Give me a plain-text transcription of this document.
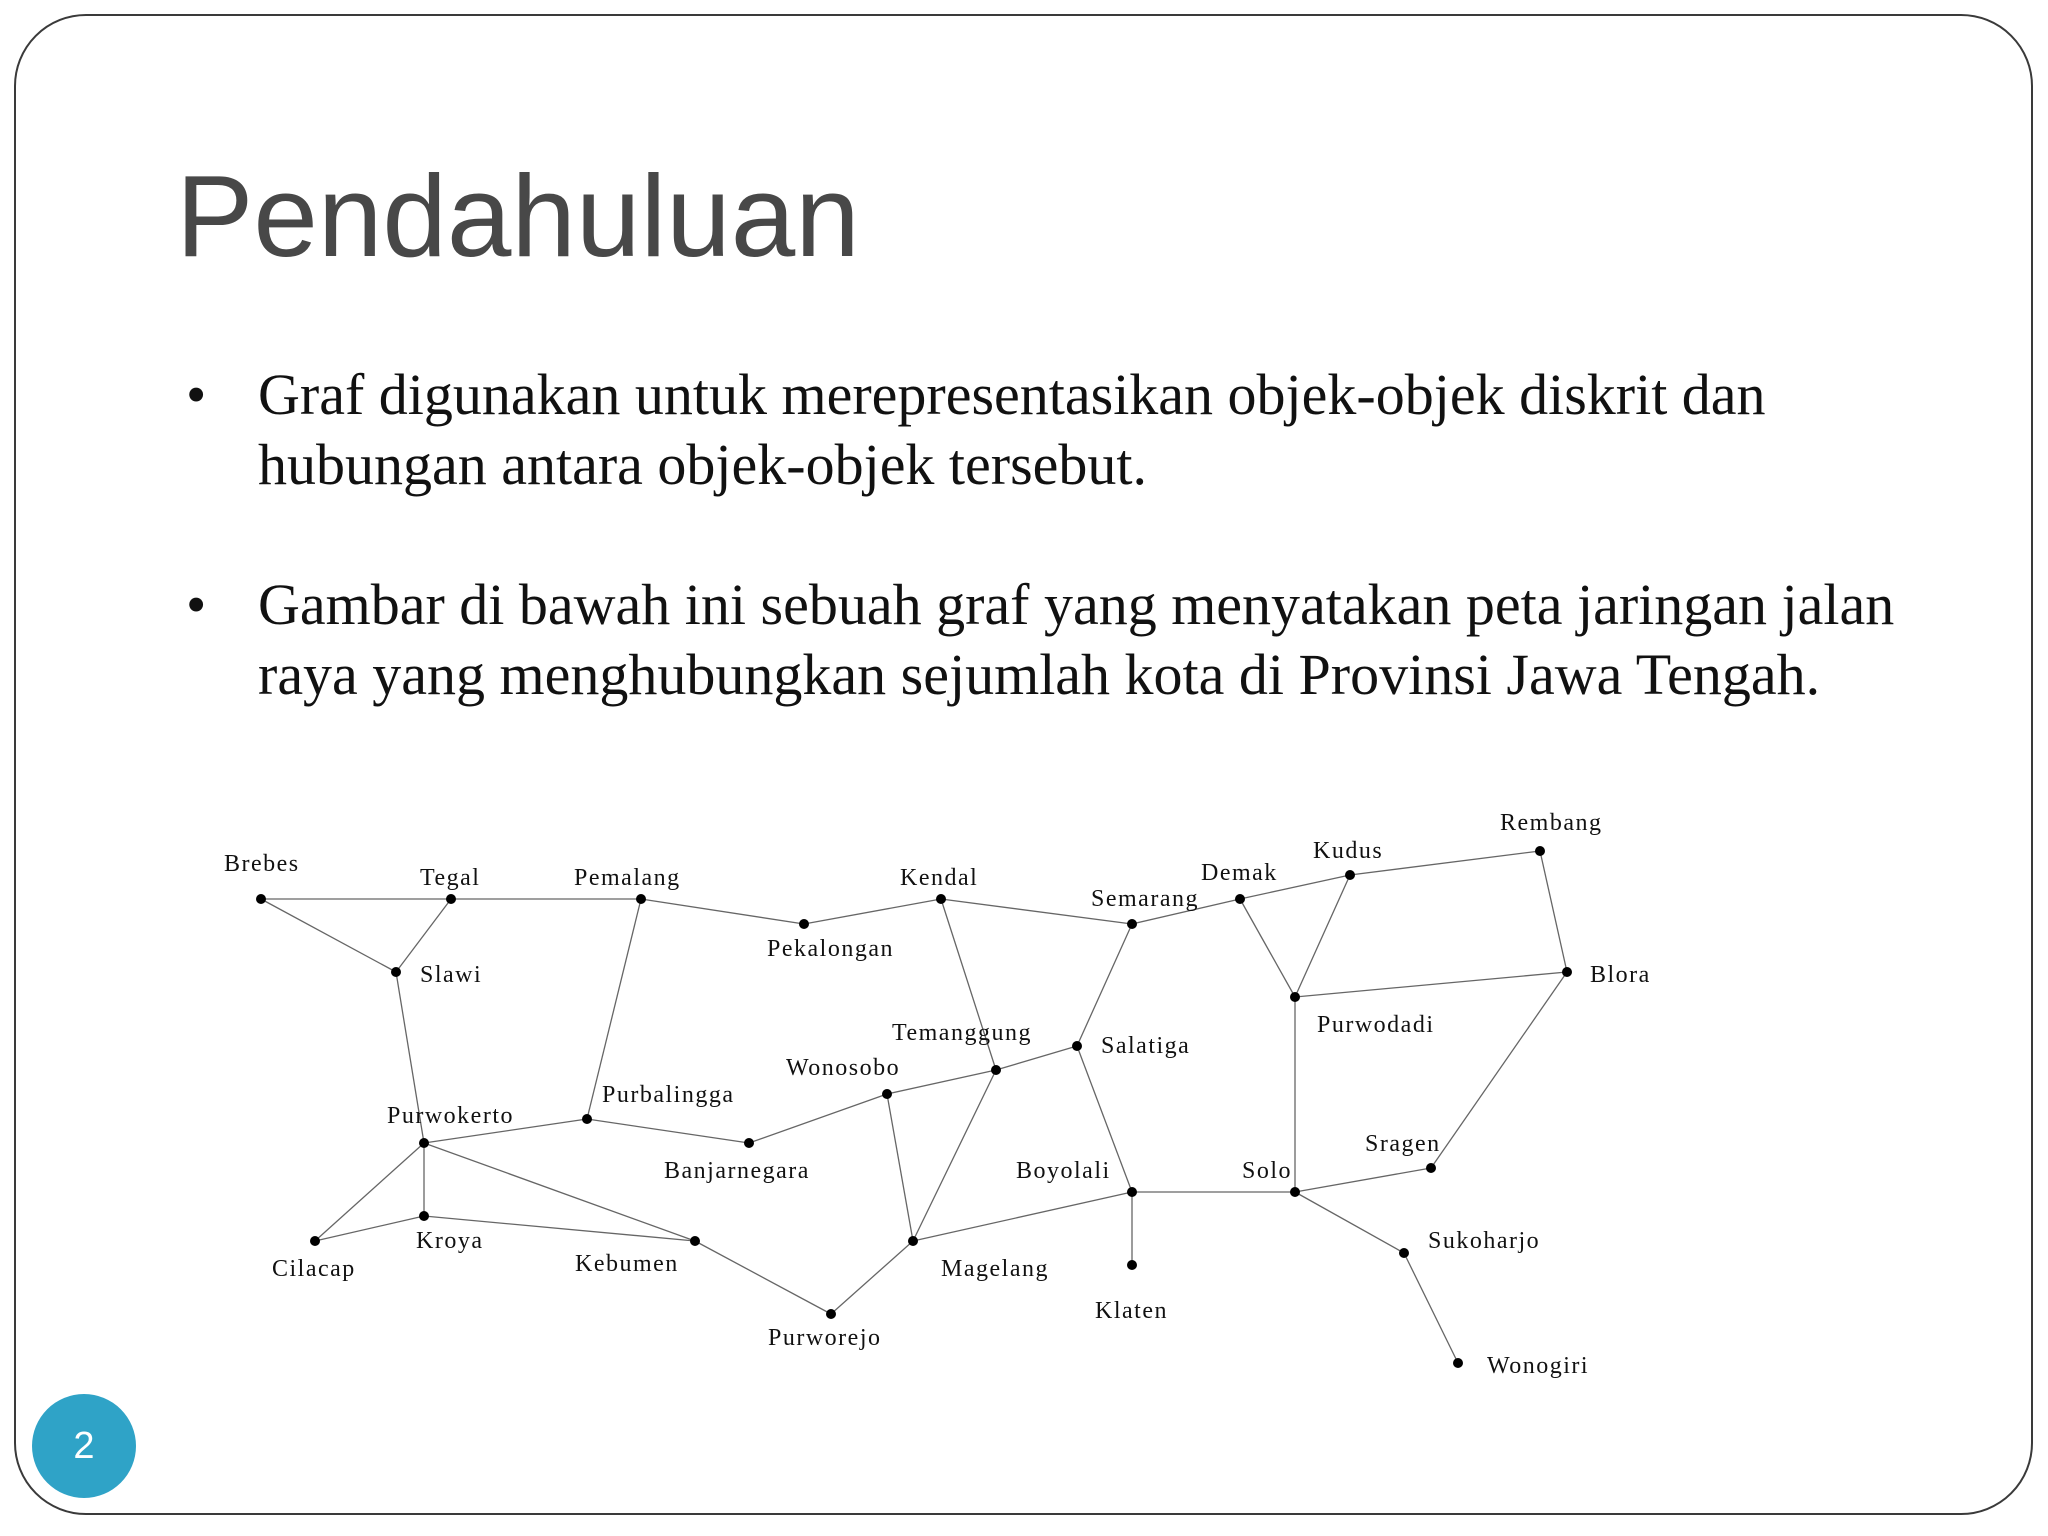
Pendahuluan
• Graf digunakan untuk merepresentasikan objek-objek diskrit dan hubungan antara objek-objek tersebut.
• Gambar di bawah ini sebuah graf yang menyatakan peta jaringan jalan raya yang menghubungkan sejumlah kota di Provinsi Jawa Tengah.
Brebes
Tegal	Pemalang
Pekalongan
Kendal
Semarang
Demak
Kudus
Rembang
Blora
Purwodadi
Slawi
Purwokerto
Purbalingga
Banjarnegara
Wonosobo
Temanggung	Salatiga
Boyolali	Solo
Sragen
Sukoharjo
Wonogiri
Klaten
Magelang
Purworejo
Kebumen
Kroya
Cilacap
2
